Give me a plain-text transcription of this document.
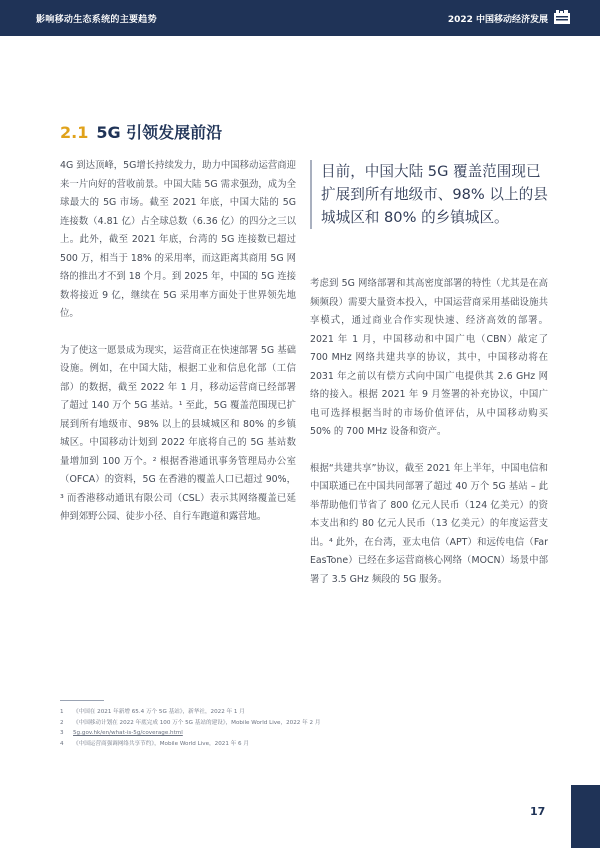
影响移动生态系统的主要趋势	2022 中国移动经济发展
2.1 5G 引领发展前沿

4G 到达顶峰，5G增长持续发力，助力中国移动运营商迎来一片向好的营收前景。中国大陆 5G 需求强劲，成为全球最大的 5G 市场。截至 2021 年底，中国大陆的 5G 连接数（4.81 亿）占全球总数（6.36 亿）的四分之三以上。此外，截至 2021 年底，台湾的 5G 连接数已超过 500 万，相当于 18% 的采用率，而这距离其商用 5G 网络的推出才不到 18 个月。到 2025 年，中国的 5G 连接数将接近 9 亿，继续在 5G 采用率方面处于世界领先地位。

为了使这一愿景成为现实，运营商正在快速部署 5G 基础设施。例如，在中国大陆，根据工业和信息化部（工信部）的数据，截至 2022 年 1 月，移动运营商已经部署了超过 140 万个 5G 基站。¹ 至此，5G 覆盖范围现已扩展到所有地级市、98% 以上的县城城区和 80% 的乡镇城区。中国移动计划到 2022 年底将自己的 5G 基站数量增加到 100 万个。² 根据香港通讯事务管理局办公室（OFCA）的资料，5G 在香港的覆盖人口已超过 90%，³ 而香港移动通讯有限公司（CSL）表示其网络覆盖已延伸到郊野公园、徒步小径、自行车跑道和露营地。

目前，中国大陆 5G 覆盖范围现已扩展到所有地级市、98% 以上的县城城区和 80% 的乡镇城区。

考虑到 5G 网络部署和其高密度部署的特性（尤其是在高频频段）需要大量资本投入，中国运营商采用基础设施共享模式，通过商业合作实现快速、经济高效的部署。2021 年 1 月，中国移动和中国广电（CBN）敲定了 700 MHz 网络共建共享的协议，其中，中国移动将在 2031 年之前以有偿方式向中国广电提供其 2.6 GHz 网络的接入。根据 2021 年 9 月签署的补充协议，中国广电可选择根据当时的市场价值评估，从中国移动购买 50% 的 700 MHz 设备和资产。

根据“共建共享”协议，截至 2021 年上半年，中国电信和中国联通已在中国共同部署了超过 40 万个 5G 基站 – 此举帮助他们节省了 800 亿元人民币（124 亿美元）的资本支出和约 80 亿元人民币（13 亿美元）的年度运营支出。⁴ 此外，在台湾，亚太电信（APT）和远传电信（Far EasTone）已经在多运营商核心网络（MOCN）场景中部署了 3.5 GHz 频段的 5G 服务。

1	《中国在 2021 年新增 65.4 万个 5G 基站》，新华社，2022 年 1 月
2	《中国移动计划在 2022 年底完成 100 万个 5G 基站的建设》，Mobile World Live，2022 年 2 月
3	5g.gov.hk/en/what-is-5g/coverage.html
4	《中国运营商强调网络共享节约》，Mobile World Live，2021 年 6 月
17
